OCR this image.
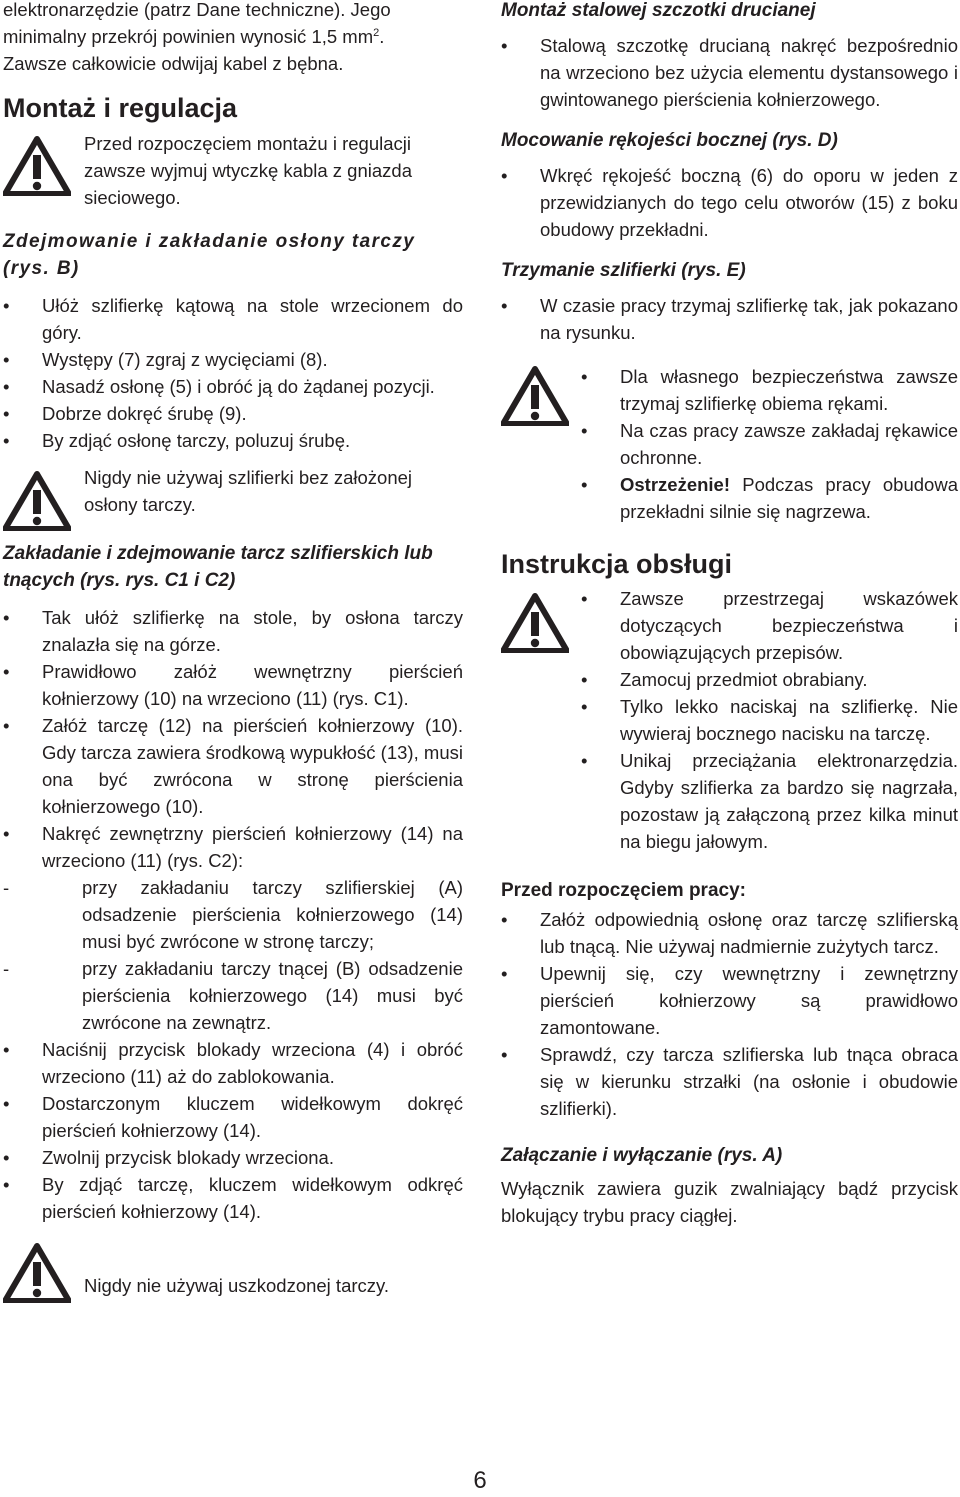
elektronarzędzie (patrz Dane techniczne). Jego
minimalny przekrój powinien wynosić 1,5 $mm^2$.
Zawsze całkowicie odwijaj kabel z bębna.

Montaż i regulacja

Przed rozpoczęciem montażu i regulacji zawsze wyjmuj wtyczkę kabla z gniazda sieciowego.

Zdejmowanie i zakładanie osłony tarczy (rys. B)
• Ułóż szlifierkę kątową na stole wrzecionem do góry.
• Występy (7) zgraj z wycięciami (8).
• Nasadź osłonę (5) i obróć ją do żądanej pozycji.
• Dobrze dokręć śrubę (9).
• By zdjąć osłonę tarczy, poluzuj śrubę.

Nigdy nie używaj szlifierki bez założonej osłony tarczy.

Zakładanie i zdejmowanie tarcz szlifierskich lub tnących (rys. rys. C1 i C2)
• Tak ułóż szlifierkę na stole, by osłona tarczy znalazła się na górze.
• Prawidłowo załóż wewnętrzny pierścień kołnierzowy (10) na wrzeciono (11) (rys. C1).
• Załóż tarczę (12) na pierścień kołnierzowy (10). Gdy tarcza zawiera środkową wypukłość (13), musi ona być zwrócona w stronę pierścienia kołnierzowego (10).
• Nakręć zewnętrzny pierścień kołnierzowy (14) na wrzeciono (11) (rys. C2):
- przy zakładaniu tarczy szlifierskiej (A) odsadzenie pierścienia kołnierzowego (14) musi być zwrócone w stronę tarczy;
- przy zakładaniu tarczy tnącej (B) odsadzenie pierścienia kołnierzowego (14) musi być zwrócone na zewnątrz.
• Naciśnij przycisk blokady wrzeciona (4) i obróć wrzeciono (11) aż do zablokowania.
• Dostarczonym kluczem widełkowym dokręć pierścień kołnierzowy (14).
• Zwolnij przycisk blokady wrzeciona.
• By zdjąć tarczę, kluczem widełkowym odkręć pierścień kołnierzowy (14).

Nigdy nie używaj uszkodzonej tarczy.

Montaż stalowej szczotki drucianej
• Stalową szczotkę drucianą nakręć bezpośrednio na wrzeciono bez użycia elementu dystansowego i gwintowanego pierścienia kołnierzowego.
Mocowanie rękojeści bocznej (rys. D)
• Wkręć rękojeść boczną (6) do oporu w jeden z przewidzianych do tego celu otworów (15) z boku obudowy przekładni.
Trzymanie szlifierki (rys. E)
• W czasie pracy trzymaj szlifierkę tak, jak pokazano na rysunku.
• Dla własnego bezpieczeństwa zawsze trzymaj szlifierkę obiema rękami.
• Na czas pracy zawsze zakładaj rękawice ochronne.
• Ostrzeżenie! Podczas pracy obudowa przekładni silnie się nagrzewa.
Instrukcja obsługi
• Zawsze przestrzegaj wskazówek dotyczących bezpieczeństwa i obowiązujących przepisów.
• Zamocuj przedmiot obrabiany.
• Tylko lekko naciskaj na szlifierkę. Nie wywieraj bocznego nacisku na tarczę.
• Unikaj przeciążania elektronarzędzia. Gdyby szlifierka za bardzo się nagrzała, pozostaw ją załączoną przez kilka minut na biegu jałowym.
Przed rozpoczęciem pracy:
• Załóż odpowiednią osłonę oraz tarczę szlifierską lub tnącą. Nie używaj nadmiernie zużytych tarcz.
• Upewnij się, czy wewnętrzny i zewnętrzny pierścień kołnierzowy są prawidłowo zamontowane.
• Sprawdź, czy tarcza szlifierska lub tnąca obraca się w kierunku strzałki (na osłonie i obudowie szlifierki).
Załączanie i wyłączanie (rys. A)

Wyłącznik zawiera guzik zwalniający bądź przycisk blokujący trybu pracy ciągłej.

6
